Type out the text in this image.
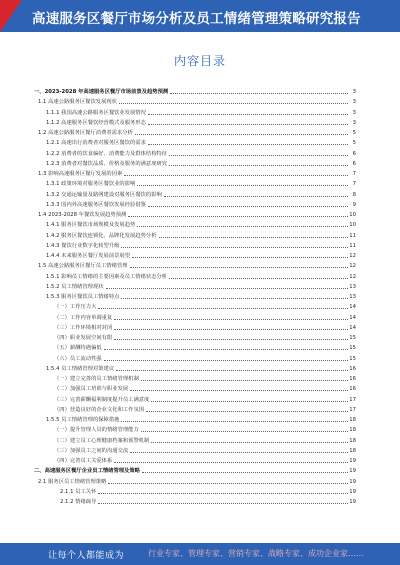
高速服务区餐厅市场分析及员工情绪管理策略研究报告
内容目录
一、2023-2028 年高速服务区餐厅市场前景及趋势预测	3
1.1 高速公路服务区餐饮发展现状	3
1.1.1 我国高速公路服务区餐饮业发展情况	3
1.1.2 高速服务区餐饮经营模式及服务形态	3
1.2 高速公路服务区餐厅消费者需求分析	5
1.2.1 高速出行消费者对服务区餐饮的需求	5
1.2.2 消费者的饮食偏好、消费能力及群体结构特征	6
1.2.3 消费者对餐饮品质、价格及服务的满意度研究	6
1.3 影响高速服务区餐厅发展的因素	7
1.3.1 政策环境对服务区餐饮业的影响	7
1.3.2 交通运输量及路网建设对服务区餐饮的影响	8
1.3.3 国内外高速服务区餐饮发展经验借鉴	9
1.4 2023-2028 年餐饮发展趋势预测	10
1.4.1 服务区餐饮市场规模及发展趋势	10
1.4.2 服务区餐饮连锁化、品牌化发展趋势分析	11
1.4.3 餐饮行业数字化转型升级	11
1.4.4 未来服务区餐厅发展前景展望	12
1.5 高速公路服务区餐厅员工情绪管理	12
1.5.1 影响员工情绪的主要因素及员工情绪状态分析	12
1.5.2 员工情绪管理现状	13
1.5.3 服务区餐饮员工情绪特点	13
（一）工作压力大	14
（二）工作内容单调重复	14
（三）工作环境相对封闭	14
（四）职业发展空间有限	15
（五）薪酬待遇偏低	15
（六）员工流动性强	15
1.5.4 员工情绪管理对策建议	16
（一）建立完善的员工情绪管理机制	16
（二）加强员工培训与职业发展	16
（三）完善薪酬福利制度提升员工满意度	17
（四）营造良好的企业文化和工作氛围	17
1.5.5 员工情绪管理的保障措施	18
（一）提升管理人员的情绪管理能力	18
（二）建立员工心理健康档案和预警机制	18
（三）加强员工之间的沟通交流	18
（四）完善员工关爱体系	19
二、高速服务区餐厅企业员工情绪管理及策略	19
2.1 服务区员工情绪管理策略	19
2.1.1 员工关怀	19
2.1.2 情绪疏导	19
让每个人都能成为	行业专家、管理专家、营销专家、战略专家、成功企业家……
